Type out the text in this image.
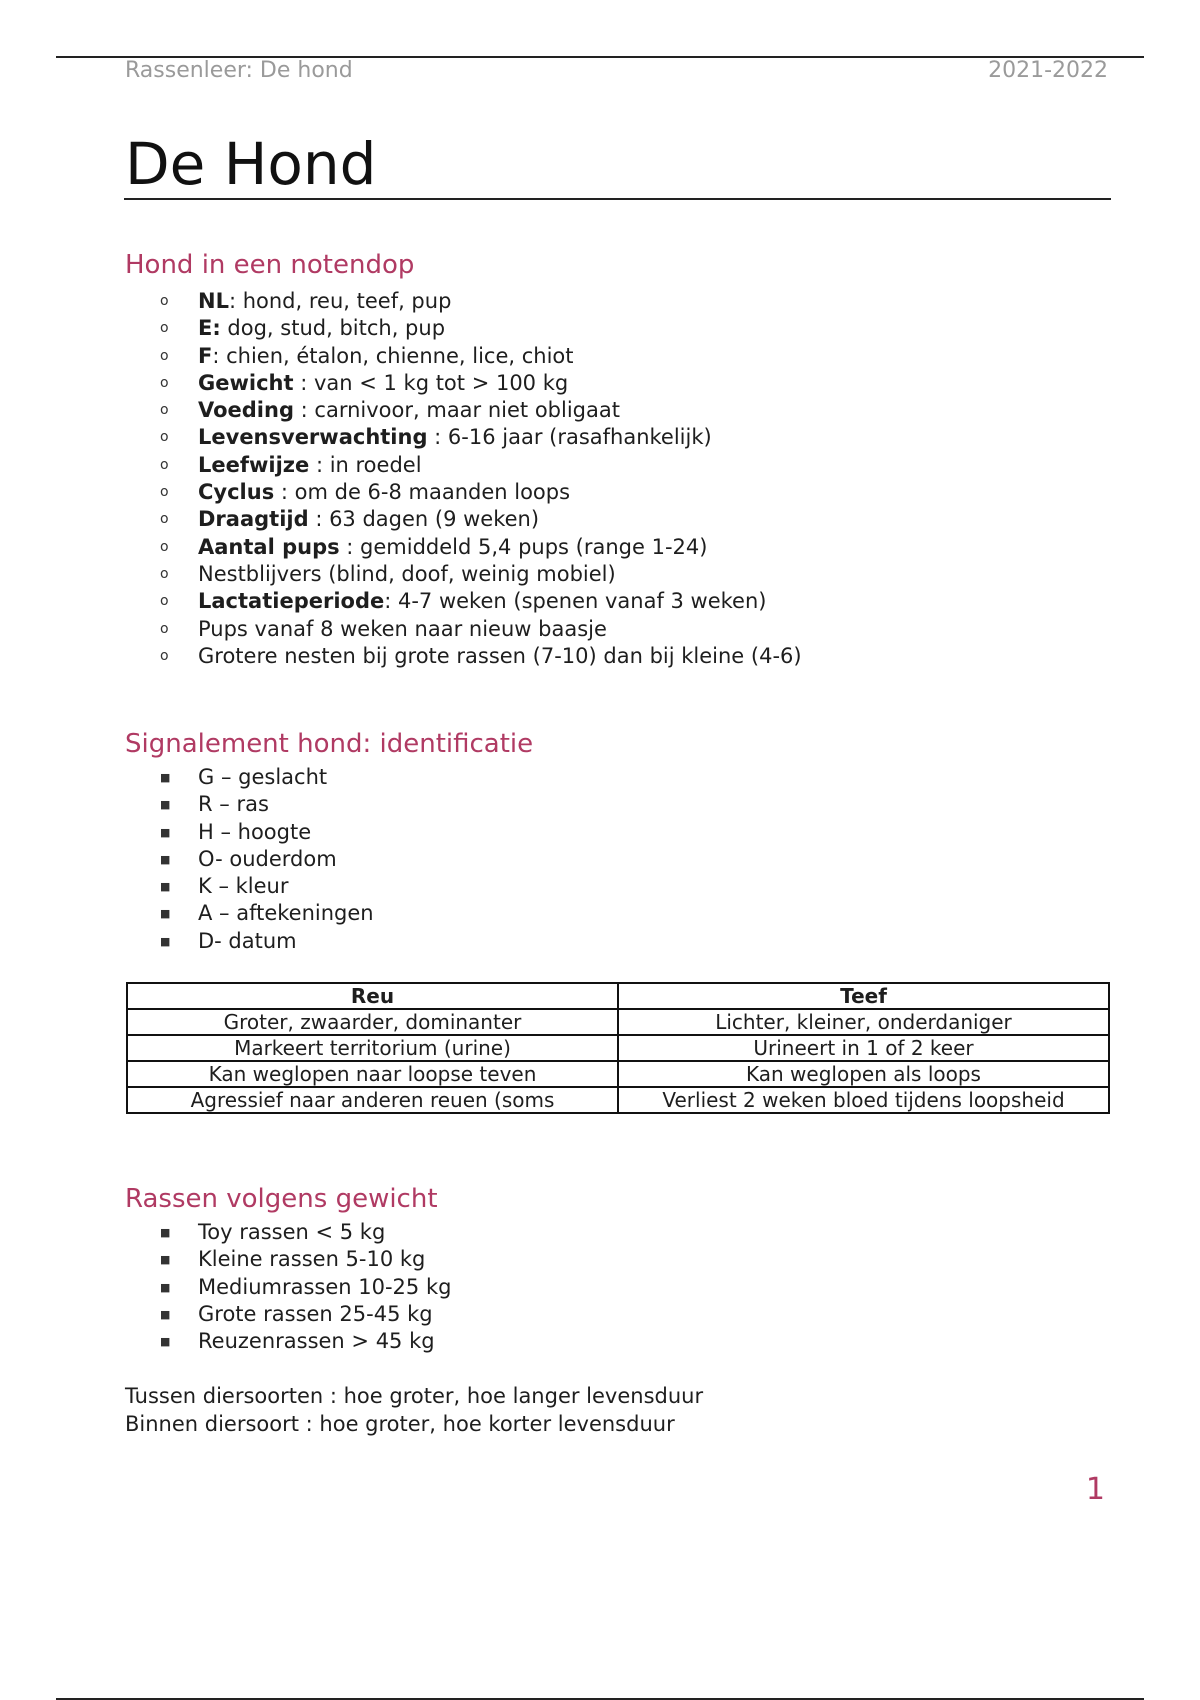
Rassenleer: De hond	2021-2022
De Hond
Hond in een notendop
o NL: hond, reu, teef, pup
o E: dog, stud, bitch, pup
o F: chien, étalon, chienne, lice, chiot
o Gewicht : van < 1 kg tot > 100 kg
o Voeding : carnivoor, maar niet obligaat
o Levensverwachting : 6-16 jaar (rasafhankelijk)
o Leefwijze : in roedel
o Cyclus : om de 6-8 maanden loops
o Draagtijd : 63 dagen (9 weken)
o Aantal pups : gemiddeld 5,4 pups (range 1-24)
o Nestblijvers (blind, doof, weinig mobiel)
o Lactatieperiode: 4-7 weken (spenen vanaf 3 weken)
o Pups vanaf 8 weken naar nieuw baasje
o Grotere nesten bij grote rassen (7-10) dan bij kleine (4-6)
Signalement hond: identificatie
■ G – geslacht
■ R – ras
■ H – hoogte
■ O- ouderdom
■ K – kleur
■ A – aftekeningen
■ D- datum
Reu	Teef
Groter, zwaarder, dominanter	Lichter, kleiner, onderdaniger
Markeert territorium (urine)	Urineert in 1 of 2 keer
Kan weglopen naar loopse teven	Kan weglopen als loops
Agressief naar anderen reuen (soms	Verliest 2 weken bloed tijdens loopsheid
Rassen volgens gewicht
■ Toy rassen < 5 kg
■ Kleine rassen 5-10 kg
■ Mediumrassen 10-25 kg
■ Grote rassen 25-45 kg
■ Reuzenrassen > 45 kg
Tussen diersoorten : hoe groter, hoe langer levensduur
Binnen diersoort : hoe groter, hoe korter levensduur
1
